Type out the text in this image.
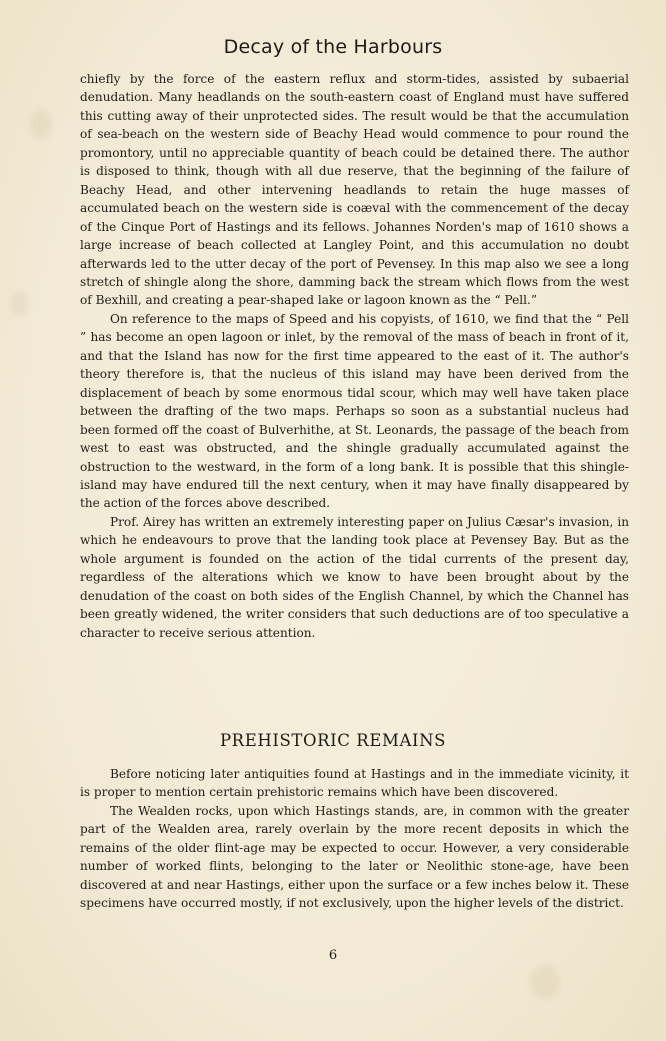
Decay of the Harbours

chiefly by the force of the eastern reflux and storm-tides, assisted by subaerial denudation. Many headlands on the south-eastern coast of England must have suffered this cutting away of their unprotected sides. The result would be that the accumulation of sea-beach on the western side of Beachy Head would commence to pour round the promontory, until no appreciable quantity of beach could be detained there. The author is disposed to think, though with all due reserve, that the beginning of the failure of Beachy Head, and other intervening headlands to retain the huge masses of accumulated beach on the western side is coæval with the commencement of the decay of the Cinque Port of Hastings and its fellows. Johannes Norden's map of 1610 shows a large increase of beach collected at Langley Point, and this accumulation no doubt afterwards led to the utter decay of the port of Pevensey. In this map also we see a long stretch of shingle along the shore, damming back the stream which flows from the west of Bexhill, and creating a pear-shaped lake or lagoon known as the “ Pell.”

On reference to the maps of Speed and his copyists, of 1610, we find that the “ Pell ” has become an open lagoon or inlet, by the removal of the mass of beach in front of it, and that the Island has now for the first time appeared to the east of it. The author's theory therefore is, that the nucleus of this island may have been derived from the displacement of beach by some enormous tidal scour, which may well have taken place between the drafting of the two maps. Perhaps so soon as a substantial nucleus had been formed off the coast of Bulverhithe, at St. Leonards, the passage of the beach from west to east was obstructed, and the shingle gradually accumulated against the obstruction to the westward, in the form of a long bank. It is possible that this shingle-island may have endured till the next century, when it may have finally disappeared by the action of the forces above described.

Prof. Airey has written an extremely interesting paper on Julius Cæsar's invasion, in which he endeavours to prove that the landing took place at Pevensey Bay. But as the whole argument is founded on the action of the tidal currents of the present day, regardless of the alterations which we know to have been brought about by the denudation of the coast on both sides of the English Channel, by which the Channel has been greatly widened, the writer considers that such deductions are of too speculative a character to receive serious attention.

PREHISTORIC REMAINS

Before noticing later antiquities found at Hastings and in the immediate vicinity, it is proper to mention certain prehistoric remains which have been discovered.

The Wealden rocks, upon which Hastings stands, are, in common with the greater part of the Wealden area, rarely overlain by the more recent deposits in which the remains of the older flint-age may be expected to occur. However, a very considerable number of worked flints, belonging to the later or Neolithic stone-age, have been discovered at and near Hastings, either upon the surface or a few inches below it. These specimens have occurred mostly, if not exclusively, upon the higher levels of the district.

6
